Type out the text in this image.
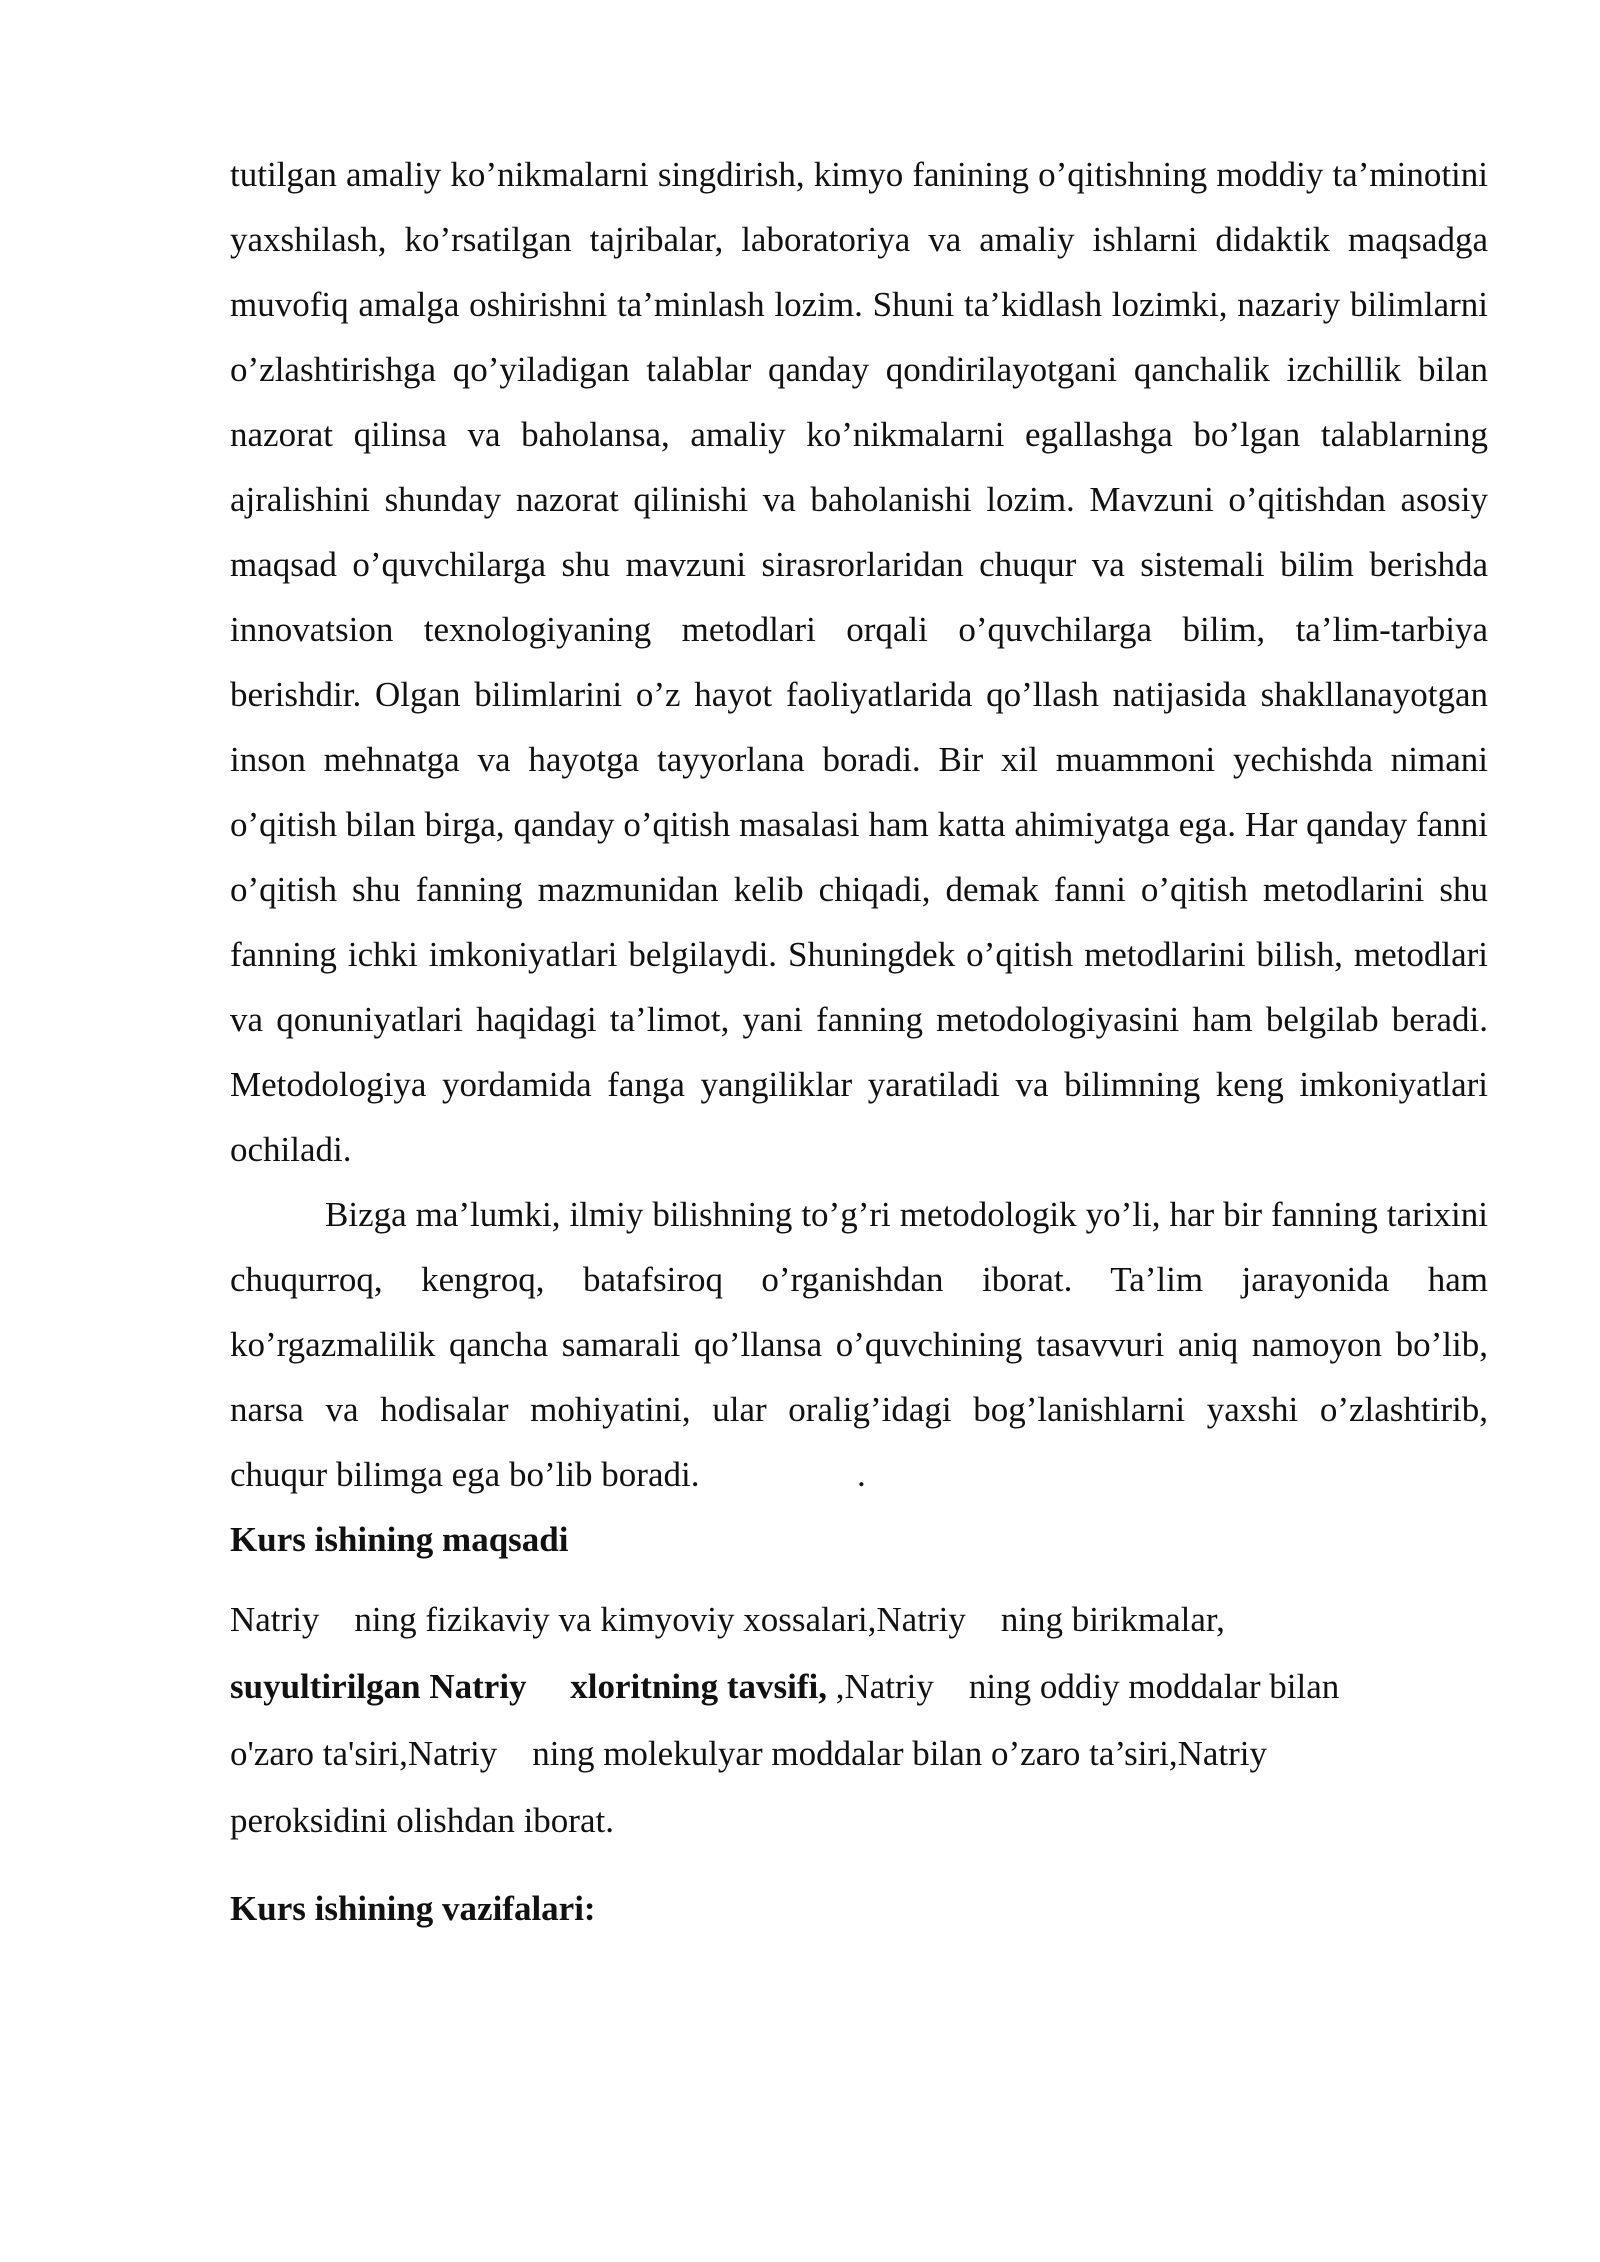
tutilgan amaliy ko’nikmalarni singdirish, kimyo fanining o’qitishning moddiy ta’minotini yaxshilash, ko’rsatilgan tajribalar, laboratoriya va amaliy ishlarni didaktik maqsadga muvofiq amalga oshirishni ta’minlash lozim. Shuni ta’kidlash lozimki, nazariy bilimlarni o’zlashtirishga qo’yiladigan talablar qanday qondirilayotgani qanchalik izchillik bilan nazorat qilinsa va baholansa, amaliy ko’nikmalarni egallashga bo’lgan talablarning ajralishini shunday nazorat qilinishi va baholanishi lozim. Mavzuni o’qitishdan asosiy maqsad o’quvchilarga shu mavzuni sirasrorlaridan chuqur va sistemali bilim berishda innovatsion texnologiyaning metodlari orqali o’quvchilarga bilim, ta’lim-tarbiya berishdir. Olgan bilimlarini o’z hayot faoliyatlarida qo’llash natijasida shakllanayotgan inson mehnatga va hayotga tayyorlana boradi. Bir xil muammoni yechishda nimani o’qitish bilan birga, qanday o’qitish masalasi ham katta ahimiyatga ega. Har qanday fanni o’qitish shu fanning mazmunidan kelib chiqadi, demak fanni o’qitish metodlarini shu fanning ichki imkoniyatlari belgilaydi. Shuningdek o’qitish metodlarini bilish, metodlari va qonuniyatlari haqidagi ta’limot, yani fanning metodologiyasini ham belgilab beradi. Metodologiya yordamida fanga yangiliklar yaratiladi va bilimning keng imkoniyatlari ochiladi.

Bizga ma’lumki, ilmiy bilishning to’g’ri metodologik yo’li, har bir fanning tarixini chuqurroq, kengroq, batafsiroq o’rganishdan iborat. Ta’lim jarayonida ham ko’rgazmalilik qancha samarali qo’llansa o’quvchining tasavvuri aniq namoyon bo’lib, narsa va hodisalar mohiyatini, ular oralig’idagi bog’lanishlarni yaxshi o’zlashtirib, chuqur bilimga ega bo’lib boradi.	.

Kurs ishining maqsadi

Natriy    ning fizikaviy va kimyoviy xossalari,Natriy    ning birikmalar,
suyultirilgan Natriy     xloritning tavsifi, ,Natriy    ning oddiy moddalar bilan
o'zaro ta'siri,Natriy    ning molekulyar moddalar bilan o’zaro ta’siri,Natriy
peroksidini olishdan iborat.

Kurs ishining vazifalari:
